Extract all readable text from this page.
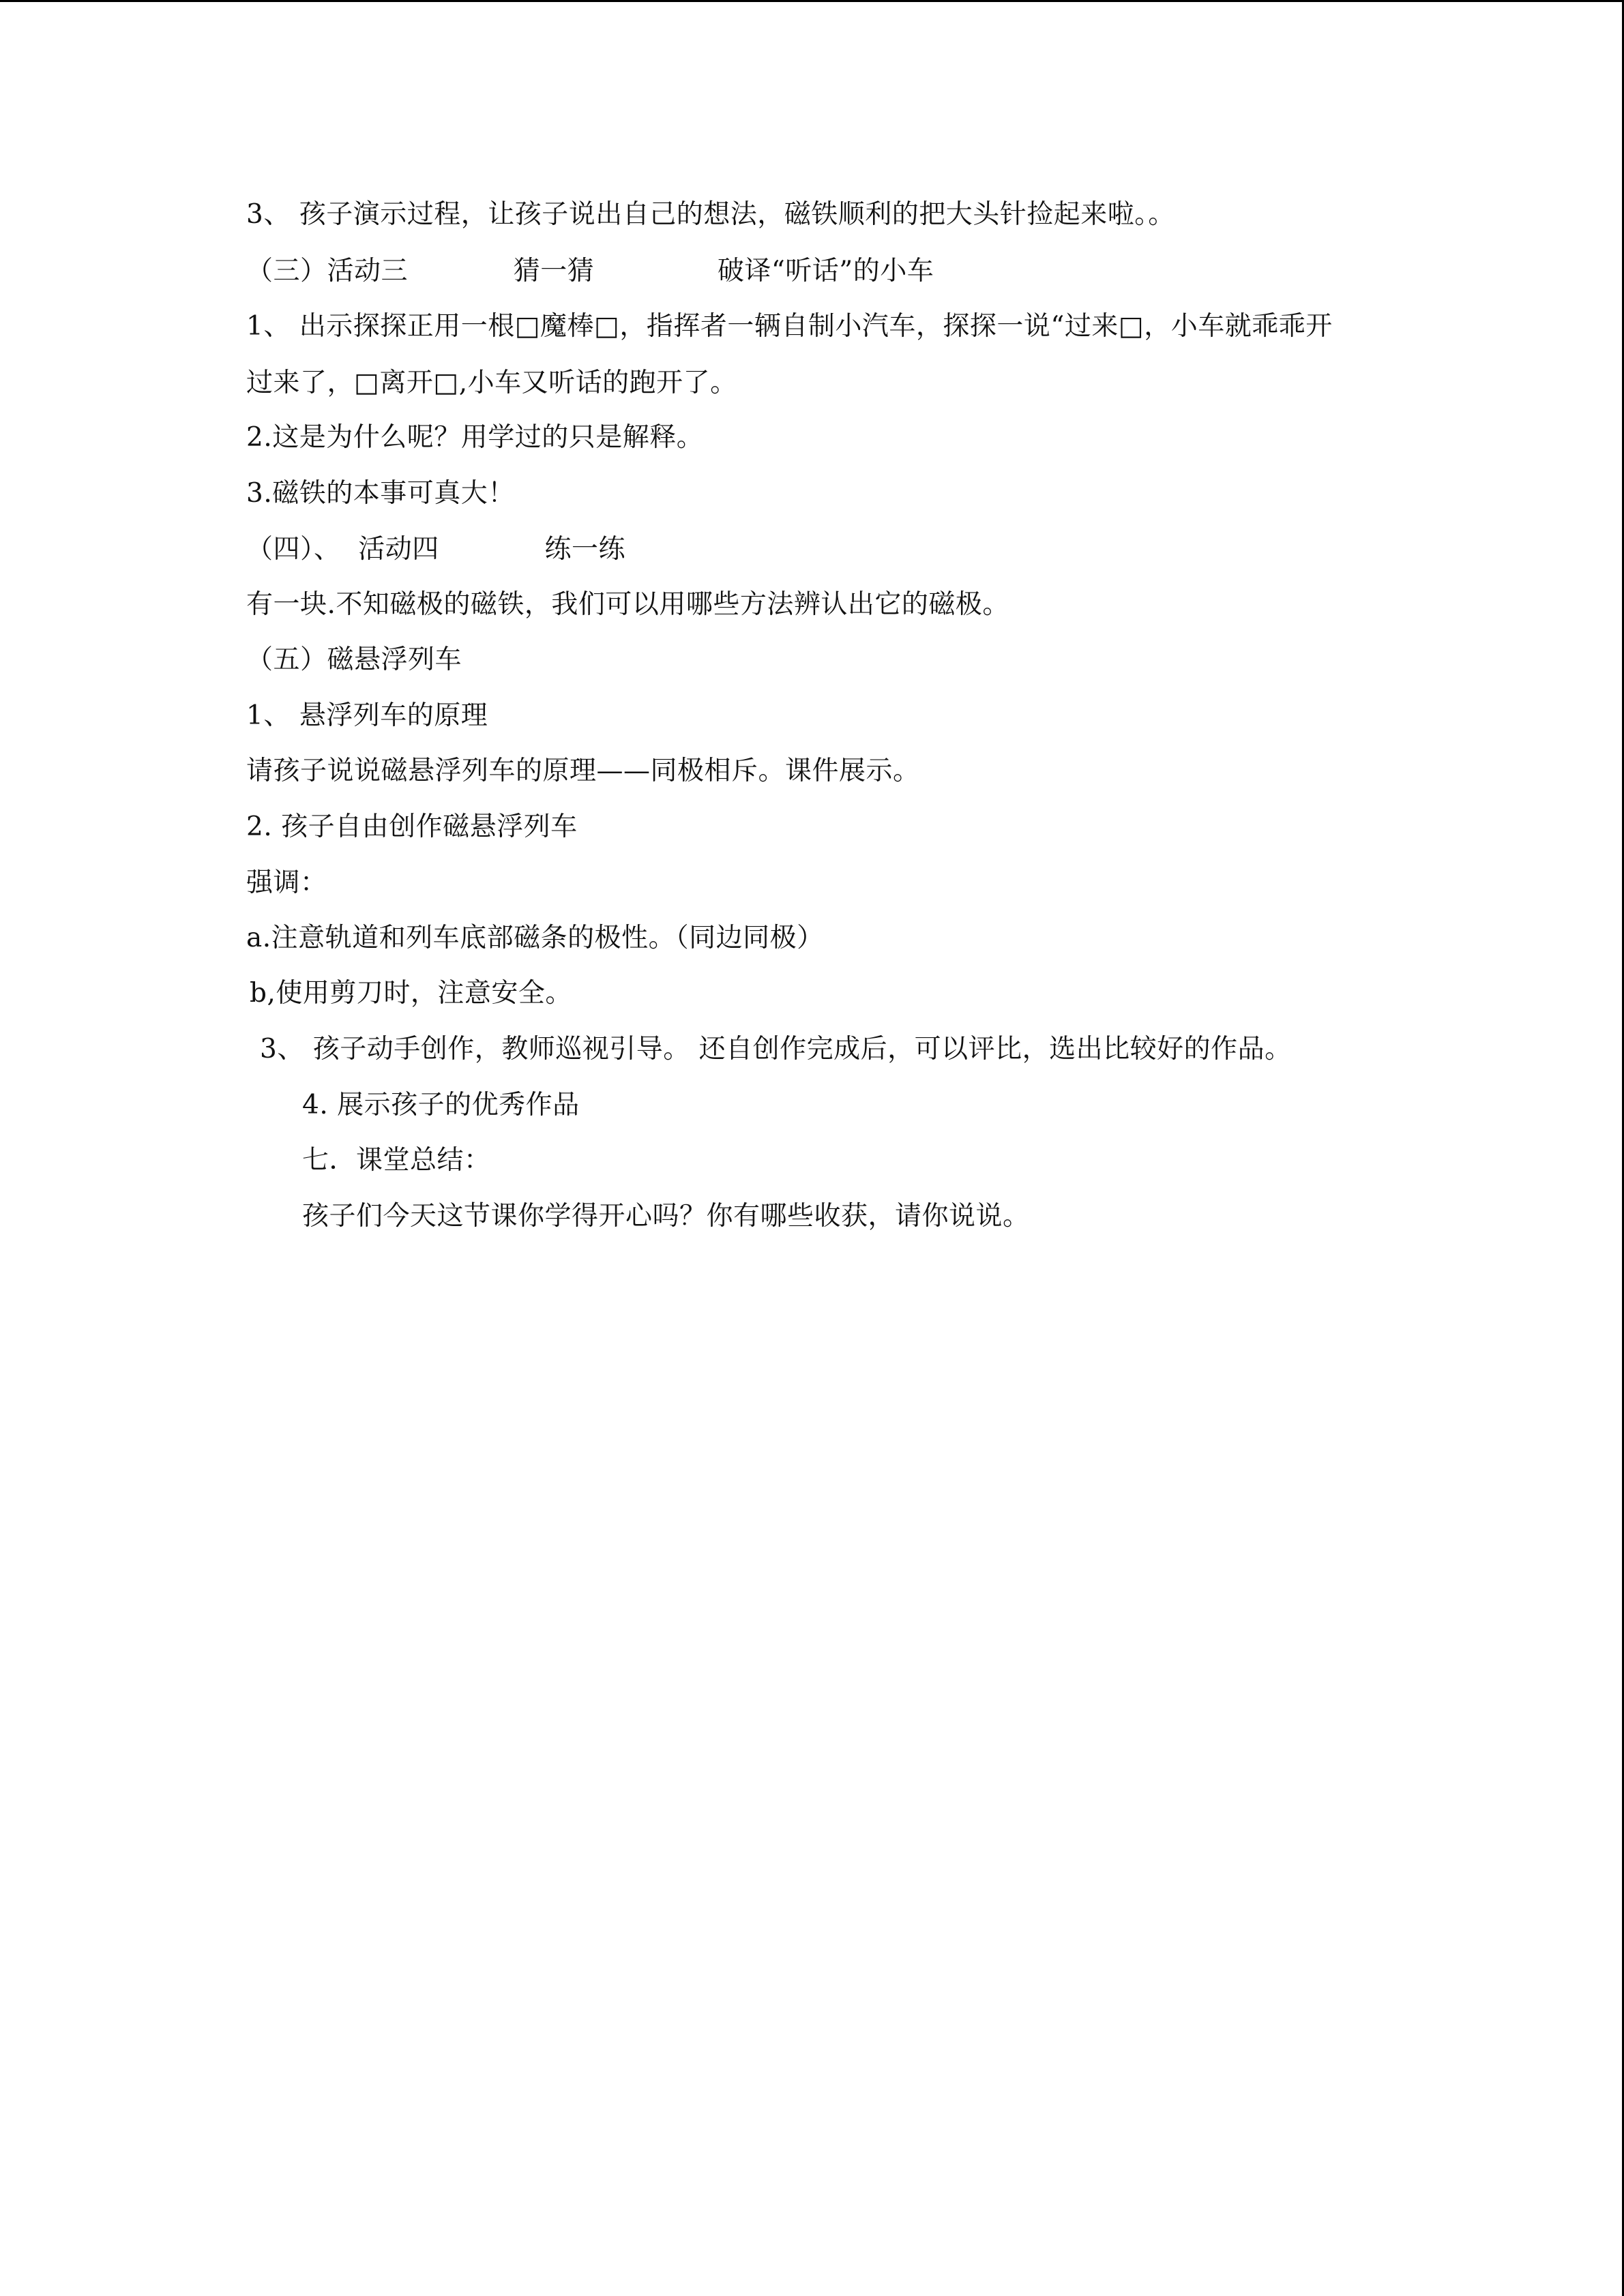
3、 孩子演示过程，让孩子说出自己的想法，磁铁顺利的把大头针捡起来啦。。
（三）活动三            猜一猜              破译“听话”的小车
1、 出示探探正用一根□魔棒□，指挥者一辆自制小汽车，探探一说“过来□，小车就乖乖开
过来了，□离开□,小车又听话的跑开了。
2.这是为什么呢？用学过的只是解释。
3.磁铁的本事可真大！
（四）、  活动四            练一练
有一块.不知磁极的磁铁，我们可以用哪些方法辨认出它的磁极。
（五）磁悬浮列车
1、 悬浮列车的原理
请孩子说说磁悬浮列车的原理——同极相斥。课件展示。
2. 孩子自由创作磁悬浮列车
强调：
a.注意轨道和列车底部磁条的极性。（同边同极）
b,使用剪刀时，注意安全。
3、 孩子动手创作，教师巡视引导。 还自创作完成后，可以评比，选出比较好的作品。
4. 展示孩子的优秀作品
七．课堂总结：
孩子们今天这节课你学得开心吗？你有哪些收获，请你说说。
